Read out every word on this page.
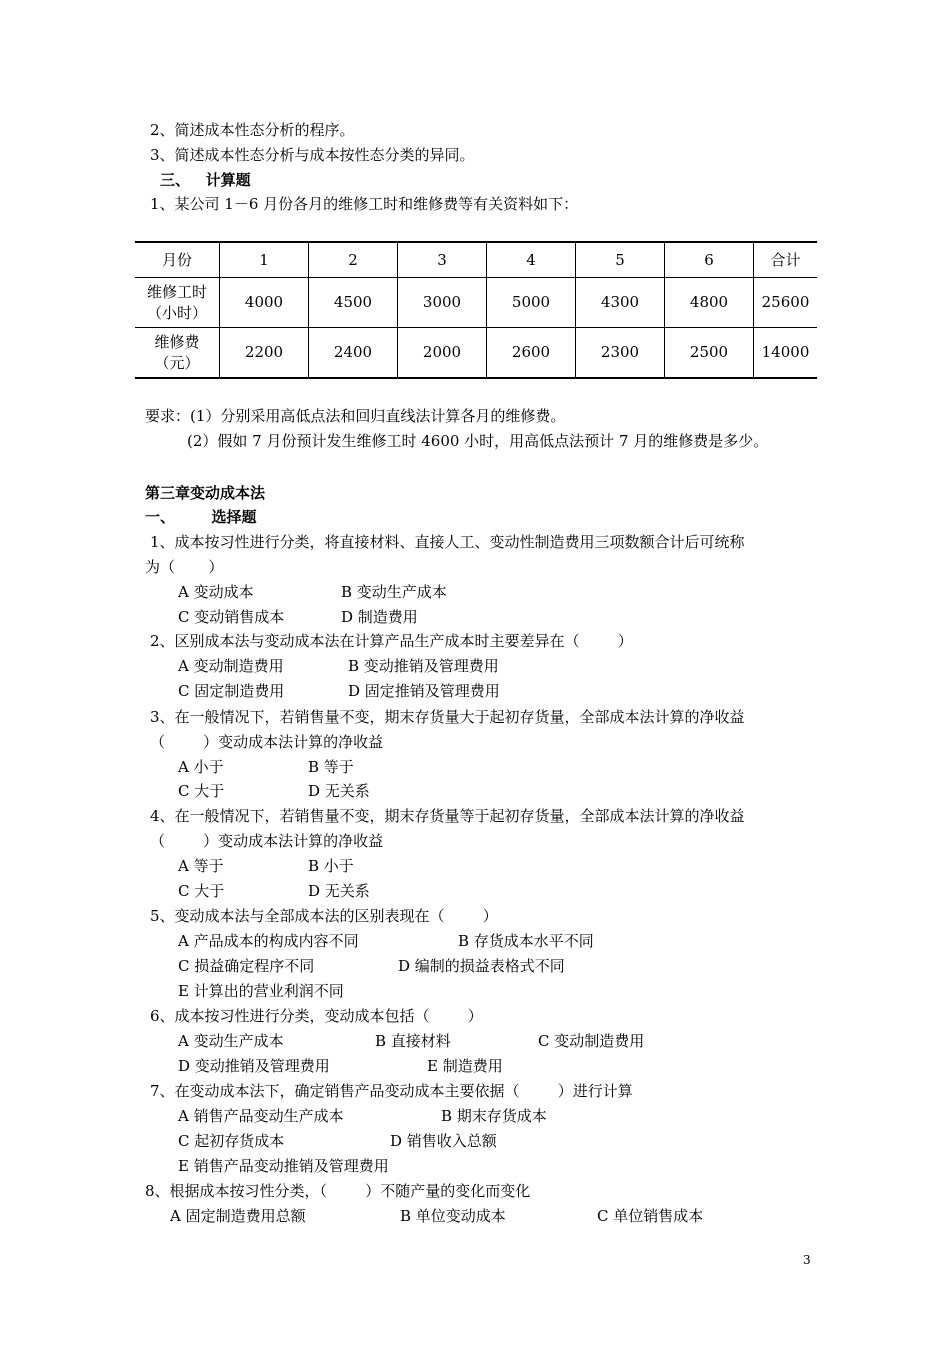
2、简述成本性态分析的程序。
3、简述成本性态分析与成本按性态分类的异同。
三、   计算题
1、某公司 1－6 月份各月的维修工时和维修费等有关资料如下：
月份	1	2	3	4	5	6	合计
维修工时
（小时）	4000	4500	3000	5000	4300	4800	25600
维修费
（元）	2200	2400	2000	2600	2300	2500	14000
要求：(1）分别采用高低点法和回归直线法计算各月的维修费。
(2）假如 7 月份预计发生维修工时 4600 小时，用高低点法预计 7 月的维修费是多少。
第三章变动成本法
一、       选择题
1、成本按习性进行分类，将直接材料、直接人工、变动性制造费用三项数额合计后可统称
为（       ）
A 变动成本	B 变动生产成本
C 变动销售成本	D 制造费用
2、区别成本法与变动成本法在计算产品生产成本时主要差异在（        ）
A 变动制造费用	B 变动推销及管理费用
C 固定制造费用	D 固定推销及管理费用
3、在一般情况下，若销售量不变，期末存货量大于起初存货量，全部成本法计算的净收益
（        ）变动成本法计算的净收益
A 小于	B 等于
C 大于	D 无关系
4、在一般情况下，若销售量不变，期末存货量等于起初存货量，全部成本法计算的净收益
（        ）变动成本法计算的净收益
A 等于	B 小于
C 大于	D 无关系
5、变动成本法与全部成本法的区别表现在（        ）
A 产品成本的构成内容不同	B 存货成本水平不同
C 损益确定程序不同	D 编制的损益表格式不同
E 计算出的营业利润不同
6、成本按习性进行分类，变动成本包括（        ）
A 变动生产成本	B 直接材料	C 变动制造费用
D 变动推销及管理费用	E 制造费用
7、在变动成本法下，确定销售产品变动成本主要依据（        ）进行计算
A 销售产品变动生产成本	B 期末存货成本
C 起初存货成本	D 销售收入总额
E 销售产品变动推销及管理费用
8、根据成本按习性分类，（        ）不随产量的变化而变化
A 固定制造费用总额	B 单位变动成本	C 单位销售成本
3
